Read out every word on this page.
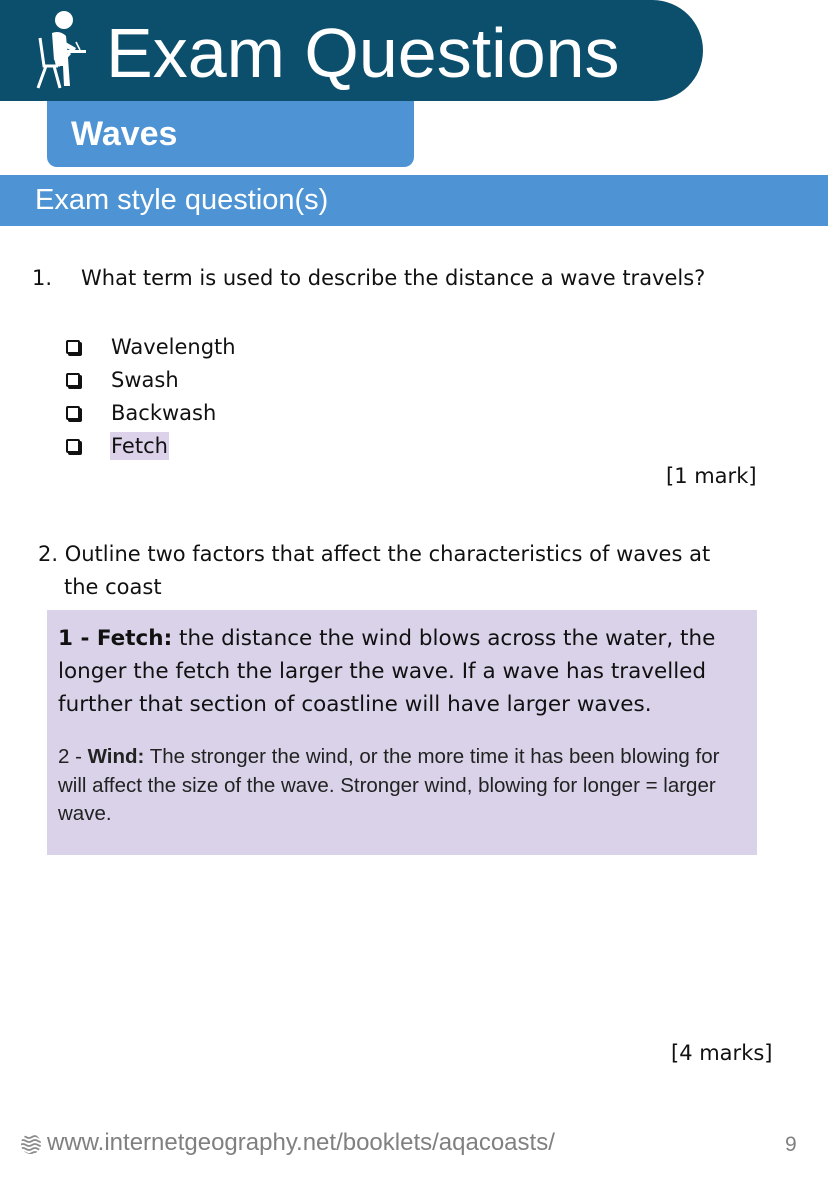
Exam Questions
Waves
Exam style question(s)
1. What term is used to describe the distance a wave travels?
Wavelength
Swash
Backwash
Fetch
[1 mark]
2. Outline two factors that affect the characteristics of waves at
the coast

1 - Fetch: the distance the wind blows across the water, the longer the fetch the larger the wave. If a wave has travelled further that section of coastline will have larger waves.

2 - Wind: The stronger the wind, or the more time it has been blowing for will affect the size of the wave. Stronger wind, blowing for longer = larger wave.

[4 marks]
www.internetgeography.net/booklets/aqacoasts/	9
